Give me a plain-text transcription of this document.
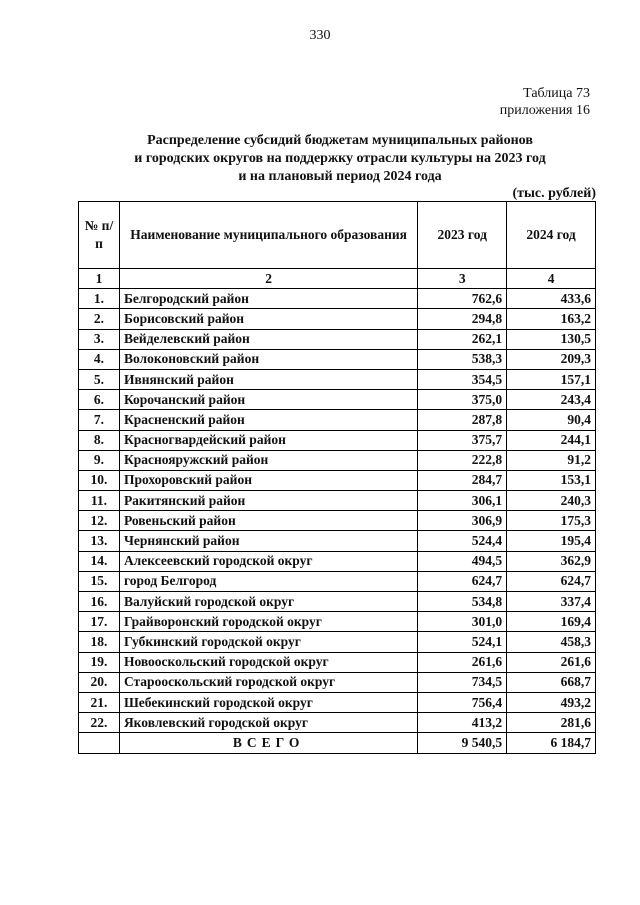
330
Таблица 73
приложения 16
Распределение субсидий бюджетам муниципальных районов
и городских округов на поддержку отрасли культуры на 2023 год
и на плановый период 2024 года
(тыс. рублей)
№ п/п	Наименование муниципального образования	2023 год	2024 год
1	2	3	4
1.	Белгородский район	762,6	433,6
2.	Борисовский район	294,8	163,2
3.	Вейделевский район	262,1	130,5
4.	Волоконовский район	538,3	209,3
5.	Ивнянский район	354,5	157,1
6.	Корочанский район	375,0	243,4
7.	Красненский район	287,8	90,4
8.	Красногвардейский район	375,7	244,1
9.	Краснояружский район	222,8	91,2
10.	Прохоровский район	284,7	153,1
11.	Ракитянский район	306,1	240,3
12.	Ровеньский район	306,9	175,3
13.	Чернянский район	524,4	195,4
14.	Алексеевский городской округ	494,5	362,9
15.	город Белгород	624,7	624,7
16.	Валуйский городской округ	534,8	337,4
17.	Грайворонский городской округ	301,0	169,4
18.	Губкинский городской округ	524,1	458,3
19.	Новооскольский городской округ	261,6	261,6
20.	Старооскольский городской округ	734,5	668,7
21.	Шебекинский городской округ	756,4	493,2
22.	Яковлевский городской округ	413,2	281,6
	ВСЕГО	9 540,5	6 184,7
